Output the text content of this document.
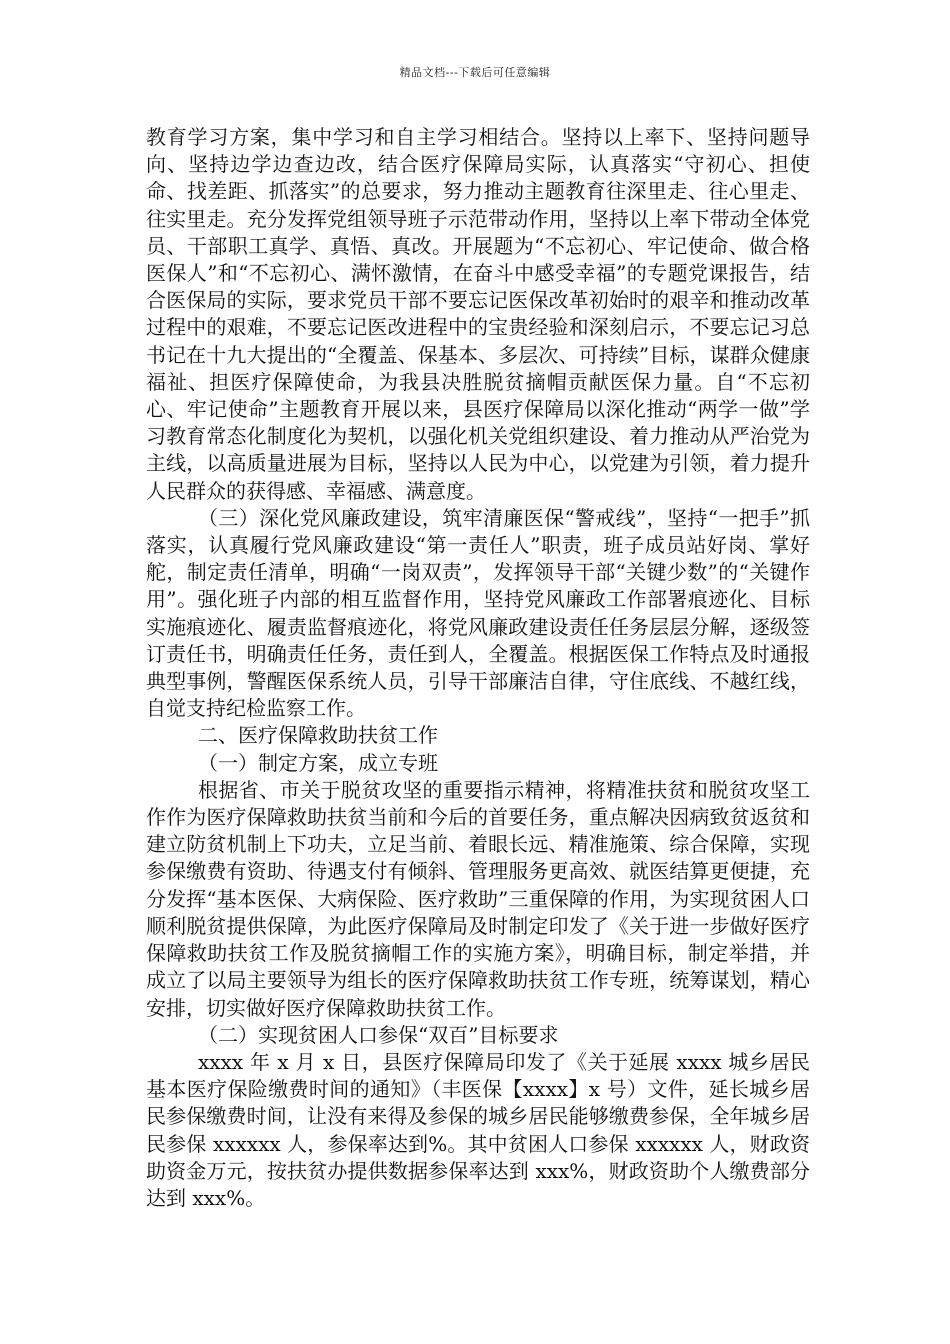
精品文档---下载后可任意编辑

教育学习方案，集中学习和自主学习相结合。坚持以上率下、坚持问题导向、坚持边学边查边改，结合医疗保障局实际，认真落实“守初心、担使命、找差距、抓落实”的总要求，努力推动主题教育往深里走、往心里走、往实里走。充分发挥党组领导班子示范带动作用，坚持以上率下带动全体党员、干部职工真学、真悟、真改。开展题为“不忘初心、牢记使命、做合格医保人”和“不忘初心、满怀激情，在奋斗中感受幸福”的专题党课报告，结合医保局的实际，要求党员干部不要忘记医保改革初始时的艰辛和推动改革过程中的艰难，不要忘记医改进程中的宝贵经验和深刻启示，不要忘记习总书记在十九大提出的“全覆盖、保基本、多层次、可持续”目标，谋群众健康福祉、担医疗保障使命，为我县决胜脱贫摘帽贡献医保力量。自“不忘初心、牢记使命”主题教育开展以来，县医疗保障局以深化推动“两学一做”学习教育常态化制度化为契机，以强化机关党组织建设、着力推动从严治党为主线，以高质量进展为目标，坚持以人民为中心，以党建为引领，着力提升人民群众的获得感、幸福感、满意度。

（三）深化党风廉政建设，筑牢清廉医保“警戒线”，坚持“一把手”抓落实，认真履行党风廉政建设“第一责任人”职责，班子成员站好岗、掌好舵，制定责任清单，明确“一岗双责”，发挥领导干部“关键少数”的“关键作用”。强化班子内部的相互监督作用，坚持党风廉政工作部署痕迹化、目标实施痕迹化、履责监督痕迹化，将党风廉政建设责任任务层层分解，逐级签订责任书，明确责任任务，责任到人，全覆盖。根据医保工作特点及时通报典型事例，警醒医保系统人员，引导干部廉洁自律，守住底线、不越红线，自觉支持纪检监察工作。

二、医疗保障救助扶贫工作

（一）制定方案，成立专班

根据省、市关于脱贫攻坚的重要指示精神，将精准扶贫和脱贫攻坚工作作为医疗保障救助扶贫当前和今后的首要任务，重点解决因病致贫返贫和建立防贫机制上下功夫，立足当前、着眼长远、精准施策、综合保障，实现参保缴费有资助、待遇支付有倾斜、管理服务更高效、就医结算更便捷，充分发挥“基本医保、大病保险、医疗救助”三重保障的作用，为实现贫困人口顺利脱贫提供保障，为此医疗保障局及时制定印发了《关于进一步做好医疗保障救助扶贫工作及脱贫摘帽工作的实施方案》，明确目标，制定举措，并成立了以局主要领导为组长的医疗保障救助扶贫工作专班，统筹谋划，精心安排，切实做好医疗保障救助扶贫工作。

（二）实现贫困人口参保“双百”目标要求

xxxx 年 x 月 x 日，县医疗保障局印发了《关于延展 xxxx 城乡居民基本医疗保险缴费时间的通知》（丰医保【xxxx】x 号）文件，延长城乡居民参保缴费时间，让没有来得及参保的城乡居民能够缴费参保，全年城乡居民参保 xxxxxx 人，参保率达到%。其中贫困人口参保 xxxxxx 人，财政资助资金万元，按扶贫办提供数据参保率达到 xxx%，财政资助个人缴费部分达到 xxx%。
